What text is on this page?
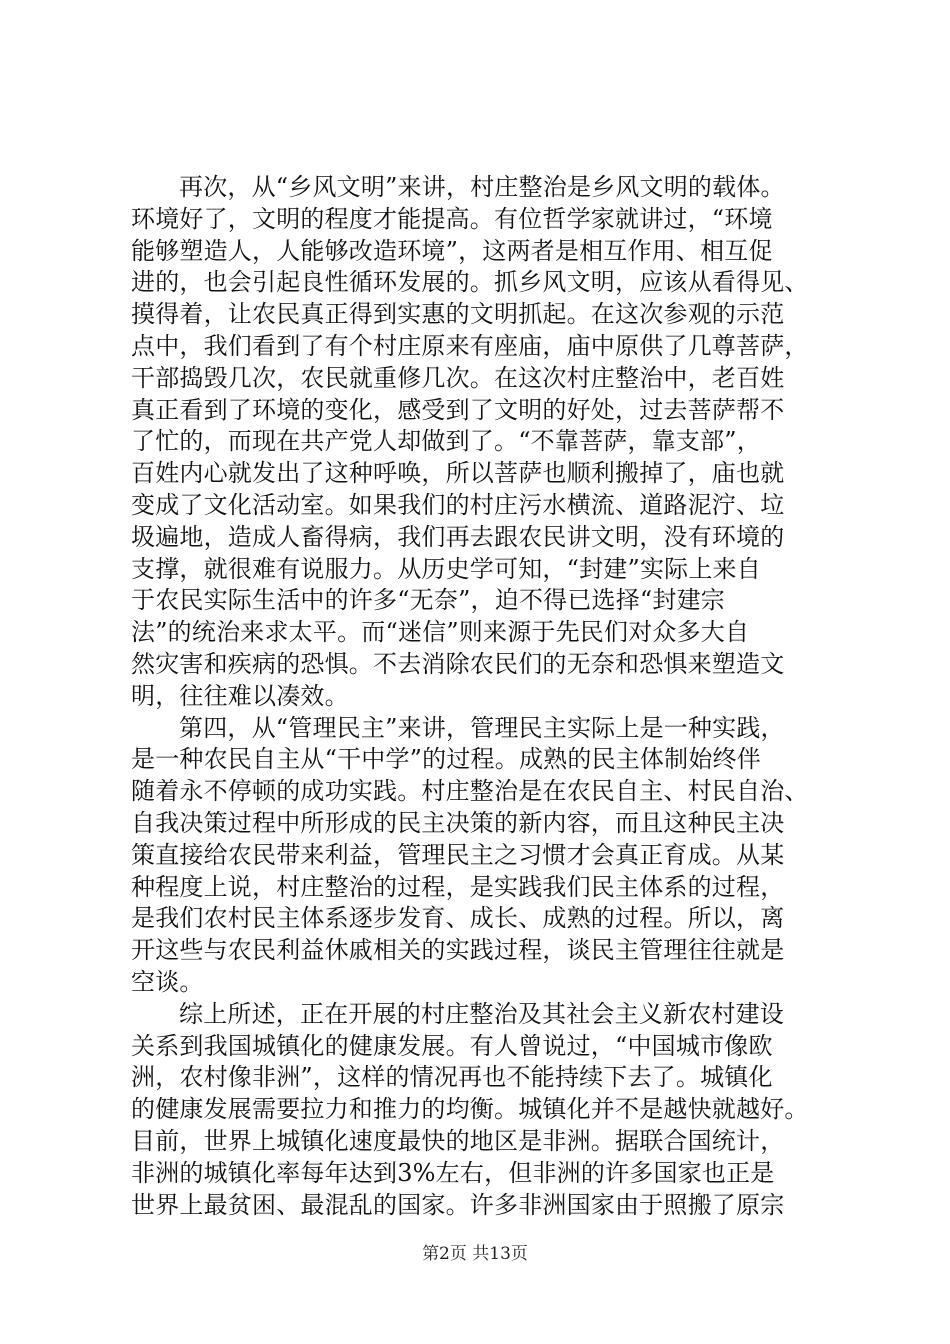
再次，从“乡风文明”来讲，村庄整治是乡风文明的载体。
环境好了，文明的程度才能提高。有位哲学家就讲过，“环境
能够塑造人，人能够改造环境”，这两者是相互作用、相互促
进的，也会引起良性循环发展的。抓乡风文明，应该从看得见、
摸得着，让农民真正得到实惠的文明抓起。在这次参观的示范
点中，我们看到了有个村庄原来有座庙，庙中原供了几尊菩萨，
干部捣毁几次，农民就重修几次。在这次村庄整治中，老百姓
真正看到了环境的变化，感受到了文明的好处，过去菩萨帮不
了忙的，而现在共产党人却做到了。“不靠菩萨，靠支部”，
百姓内心就发出了这种呼唤，所以菩萨也顺利搬掉了，庙也就
变成了文化活动室。如果我们的村庄污水横流、道路泥泞、垃
圾遍地，造成人畜得病，我们再去跟农民讲文明，没有环境的
支撑，就很难有说服力。从历史学可知，“封建”实际上来自
于农民实际生活中的许多“无奈”，迫不得已选择“封建宗
法”的统治来求太平。而“迷信”则来源于先民们对众多大自
然灾害和疾病的恐惧。不去消除农民们的无奈和恐惧来塑造文
明，往往难以凑效。
第四，从“管理民主”来讲，管理民主实际上是一种实践，
是一种农民自主从“干中学”的过程。成熟的民主体制始终伴
随着永不停顿的成功实践。村庄整治是在农民自主、村民自治、
自我决策过程中所形成的民主决策的新内容，而且这种民主决
策直接给农民带来利益，管理民主之习惯才会真正育成。从某
种程度上说，村庄整治的过程，是实践我们民主体系的过程，
是我们农村民主体系逐步发育、成长、成熟的过程。所以，离
开这些与农民利益休戚相关的实践过程，谈民主管理往往就是
空谈。
综上所述，正在开展的村庄整治及其社会主义新农村建设
关系到我国城镇化的健康发展。有人曾说过，“中国城市像欧
洲，农村像非洲”，这样的情况再也不能持续下去了。城镇化
的健康发展需要拉力和推力的均衡。城镇化并不是越快就越好。
目前，世界上城镇化速度最快的地区是非洲。据联合国统计，
非洲的城镇化率每年达到3%左右，但非洲的许多国家也正是
世界上最贫困、最混乱的国家。许多非洲国家由于照搬了原宗
第2页 共13页
